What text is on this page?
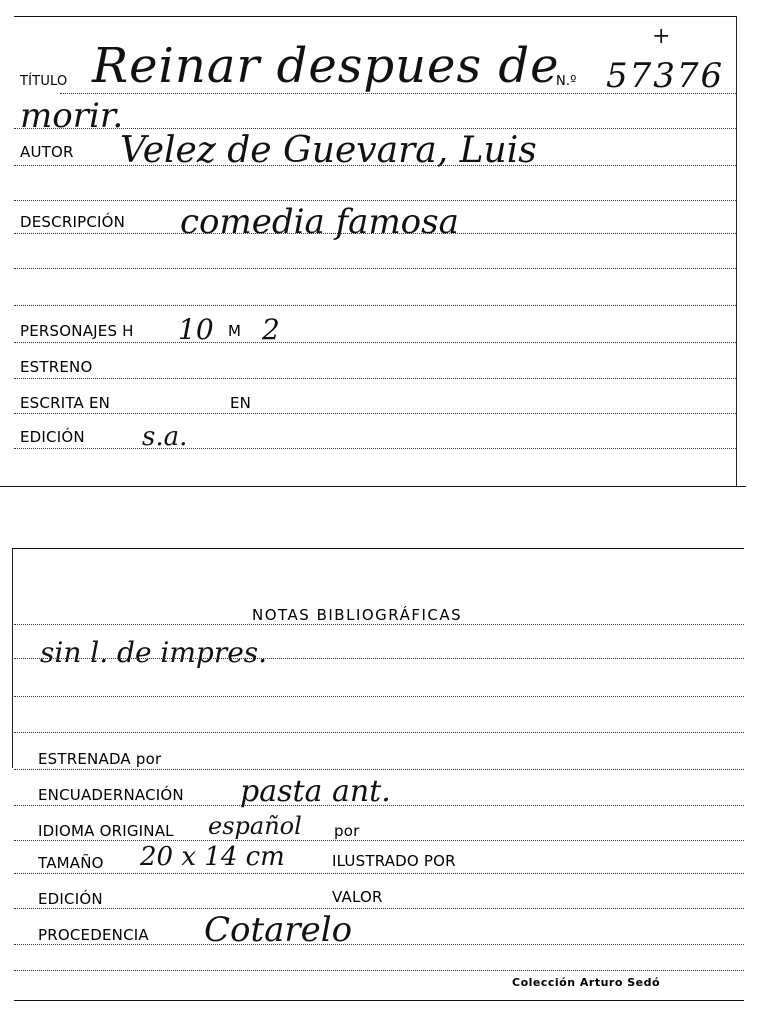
TÍTULO Reinar despues de
N.º 57376
+
morir.
AUTOR Velez de Guevara, Luis
DESCRIPCIÓN comedia famosa
PERSONAJES H 10 M 2
ESTRENO
ESCRITA EN	EN
EDICIÓN s.a.
NOTAS BIBLIOGRÁFICAS
sin l. de impres.
ESTRENADA por
ENCUADERNACIÓN pasta ant.
IDIOMA ORIGINAL español por
TAMAÑO 20 x 14 cm	ILUSTRADO POR
EDICIÓN	VALOR
PROCEDENCIA Cotarelo
Colección Arturo Sedó
